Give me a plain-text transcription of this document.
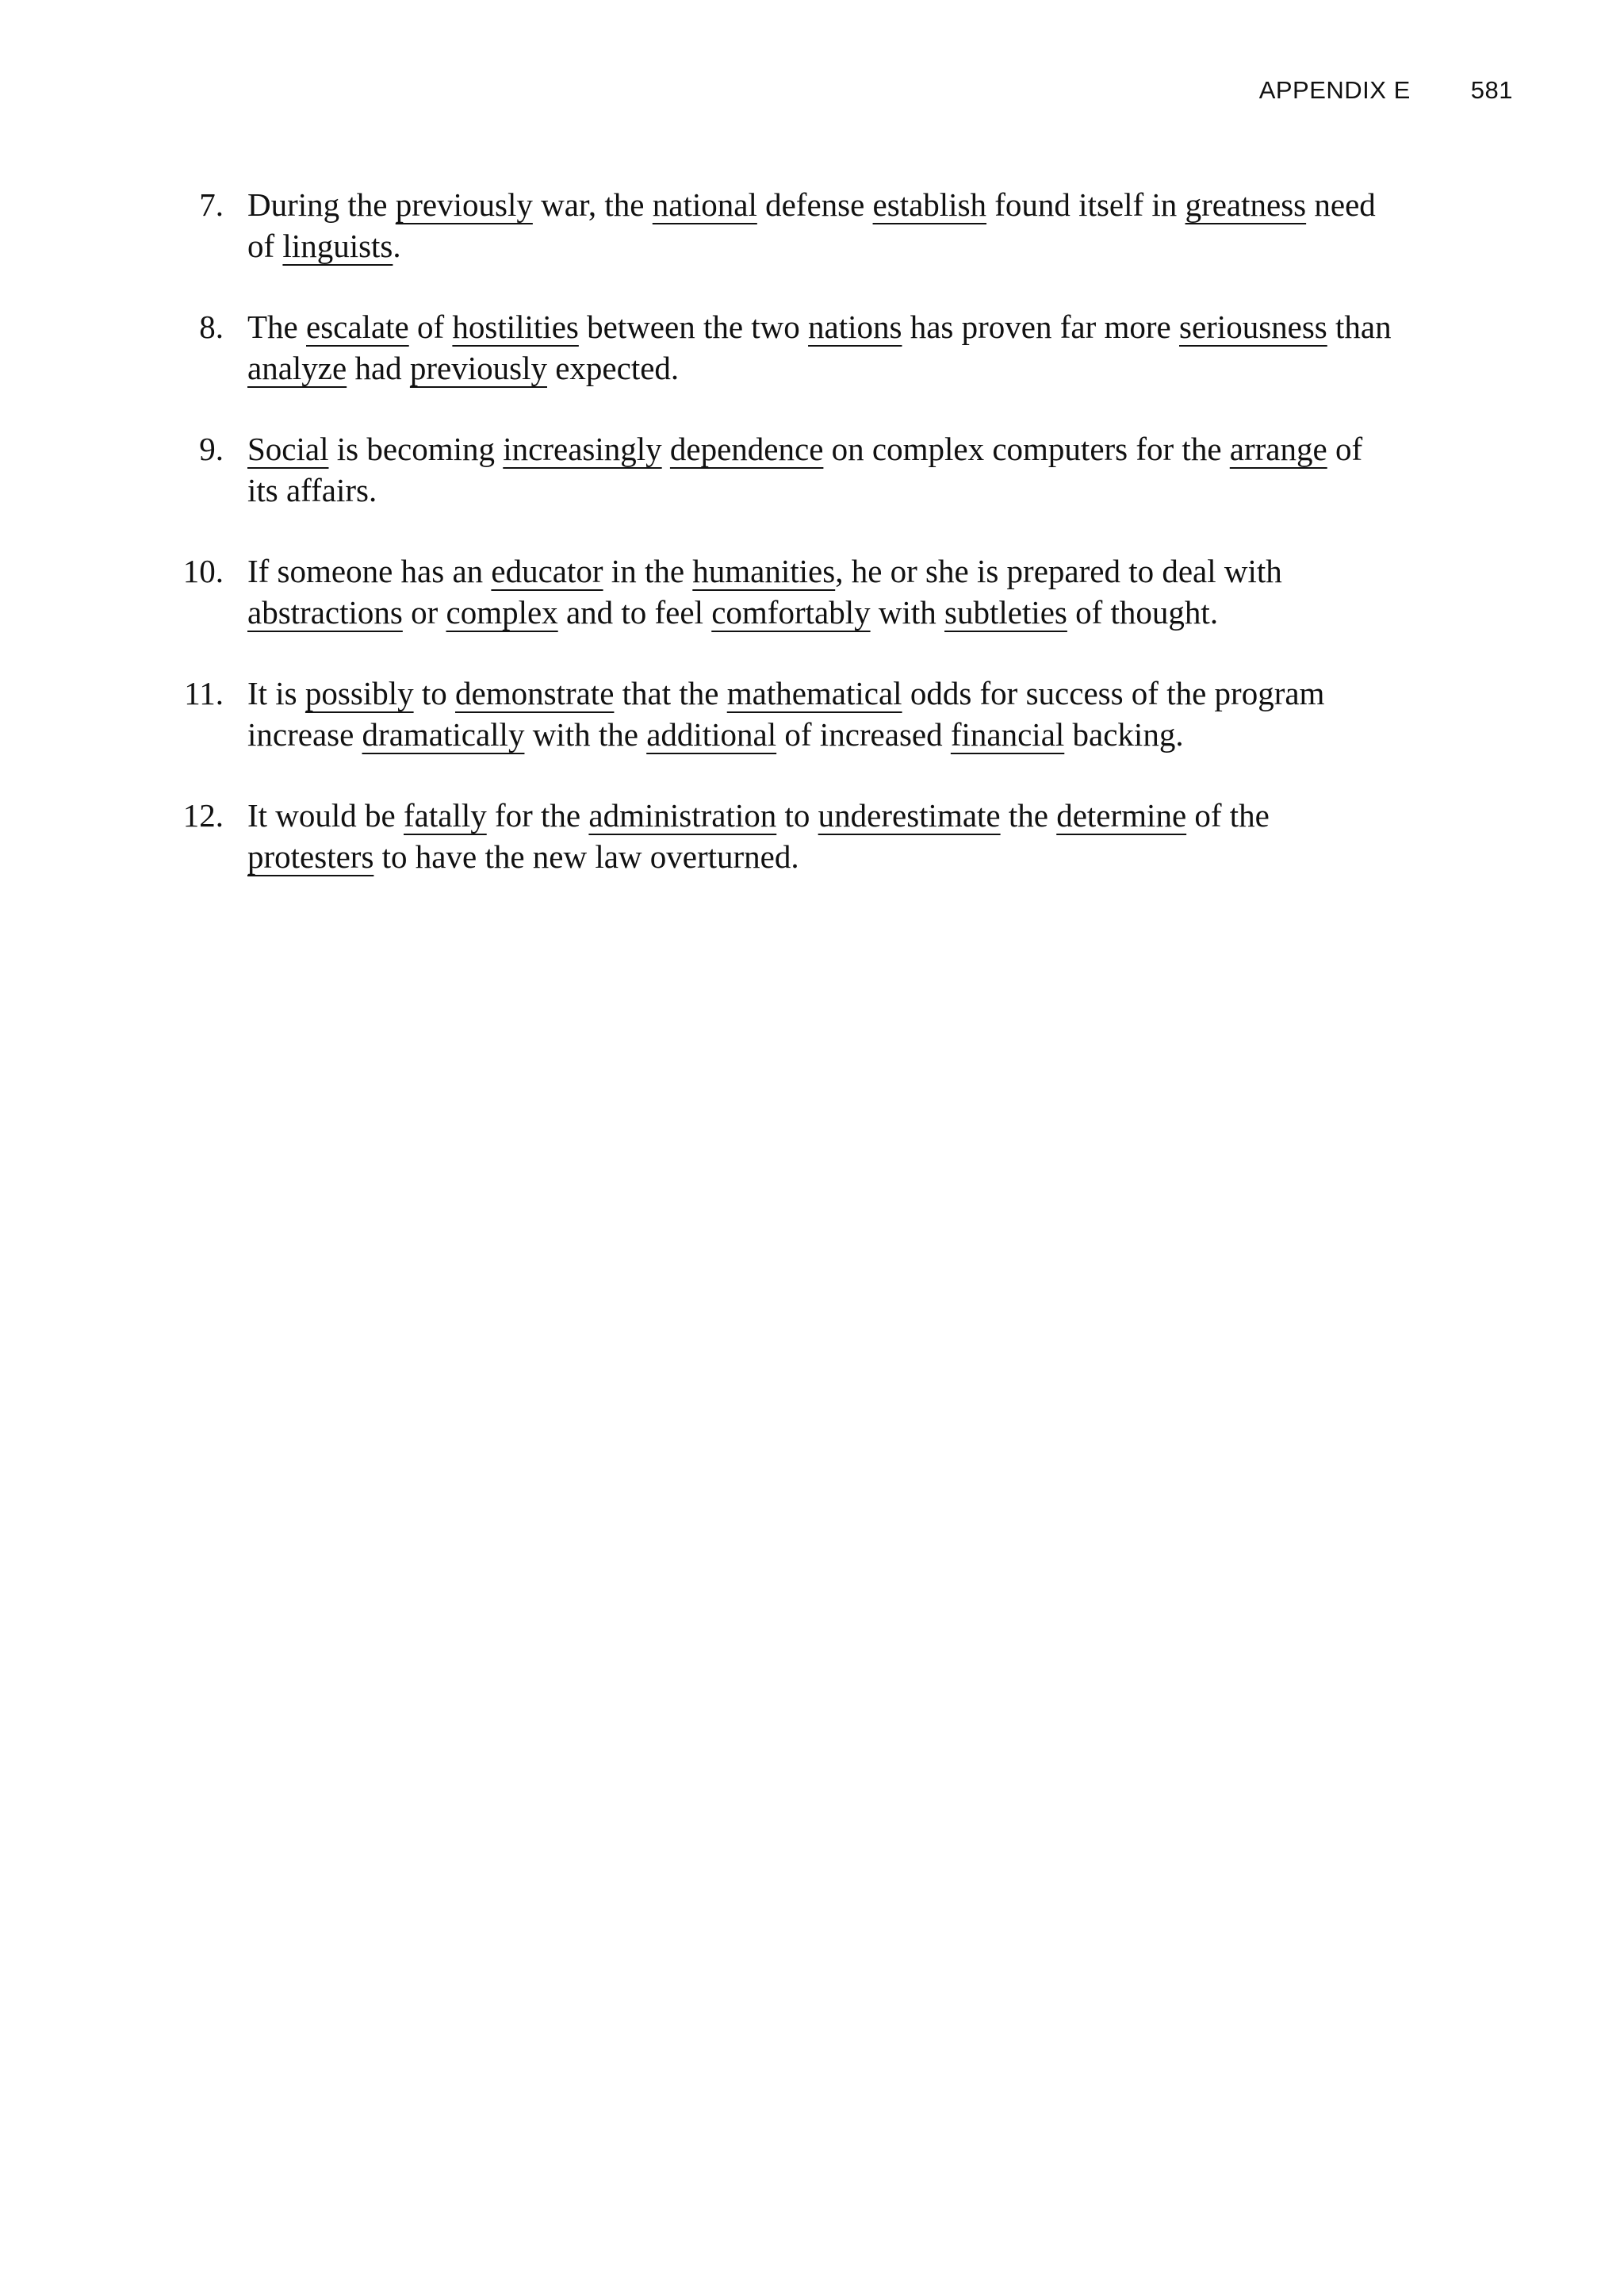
APPENDIX E 581
7. During the previously war, the national defense establish found itself in greatness need of linguists.
8. The escalate of hostilities between the two nations has proven far more seriousness than analyze had previously expected.
9. Social is becoming increasingly dependence on complex computers for the arrange of its affairs.
10. If someone has an educator in the humanities, he or she is prepared to deal with abstractions or complex and to feel comfortably with subtleties of thought.
11. It is possibly to demonstrate that the mathematical odds for success of the program increase dramatically with the additional of increased financial backing.
12. It would be fatally for the administration to underestimate the determine of the protesters to have the new law overturned.
